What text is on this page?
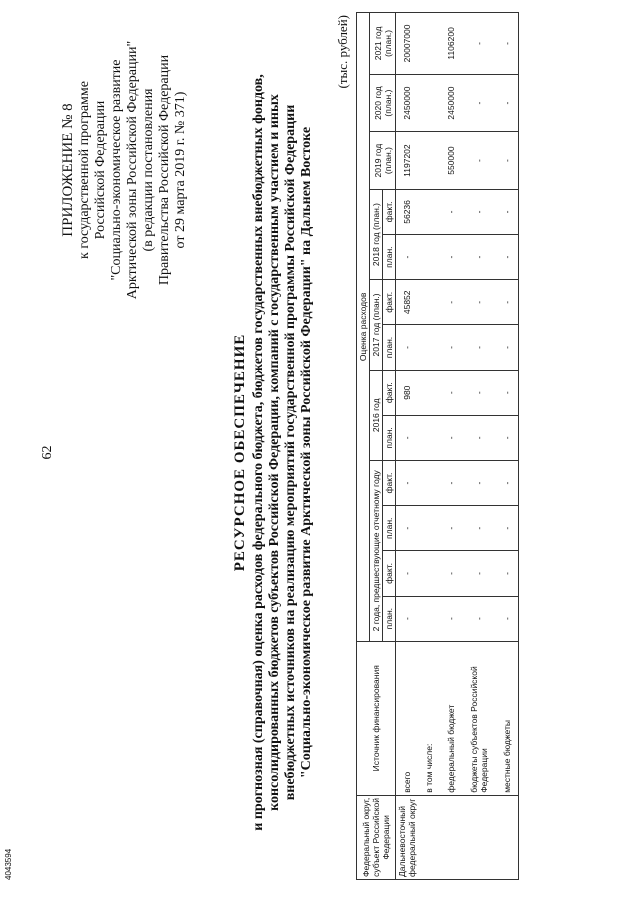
62
ПРИЛОЖЕНИЕ № 8 к государственной программе Российской Федерации "Социально-экономическое развитие Арктической зоны Российской Федерации" (в редакции постановления Правительства Российской Федерации от 29 марта 2019 г. № 371)
РЕСУРСНОЕ ОБЕСПЕЧЕНИЕ и прогнозная (справочная) оценка расходов федерального бюджета, бюджетов государственных внебюджетных фондов, консолидированных бюджетов субъектов Российской Федерации, компаний с государственным участием и иных внебюджетных источников на реализацию мероприятий государственной программы Российской Федерации "Социально-экономическое развитие Арктической зоны Российской Федерации" на Дальнем Востоке
(тыс. рублей)
Федеральный округ, субъект Российской Федерации	Источник финансирования	Оценка расходов												
		2 года, предшествующие отчетному году				2016 год		2017 год (план.)		2018 год (план.)		2019 год (план.)	2020 год (план.)	2021 год (план.)
		план.	факт.	план.	факт.									
						план.	факт.	план.	факт.	план.	факт.			
Дальневосточный федеральный округ	всего	-	-	-	-	-	980	-	45852	-	56236	1197202	2450000	20007000
	в том числе:													
	федеральный бюджет	-	-	-	-	-	-	-	-	-	-	550000	2450000	1106200
	бюджеты субъектов Российской Федерации	-	-	-	-	-	-	-	-	-	-	-	-	-
	местные бюджеты	-	-	-	-	-	-	-	-	-	-	-	-	-
4043594
